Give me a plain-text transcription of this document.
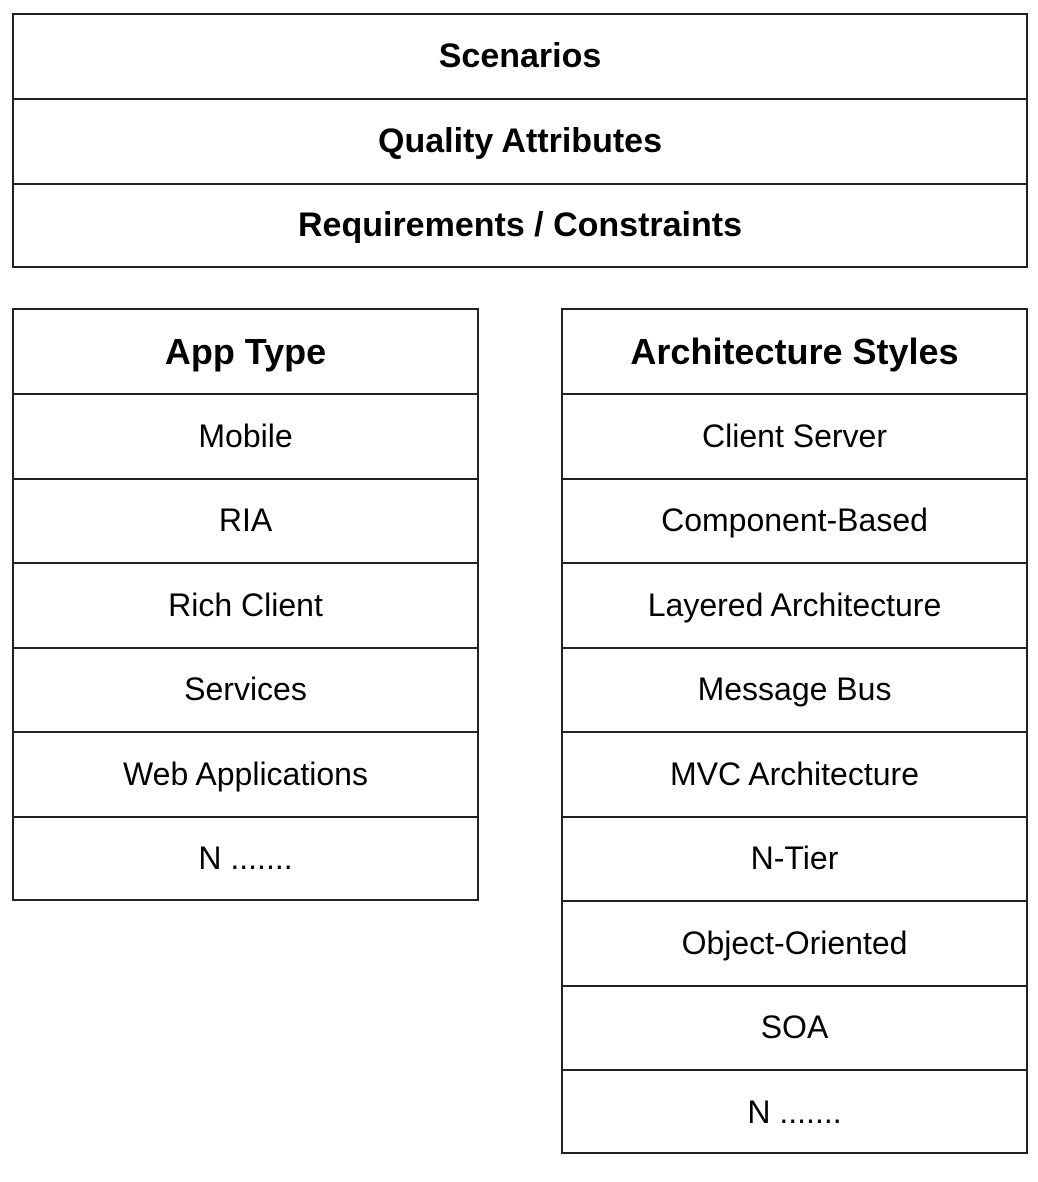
Scenarios
Quality Attributes
Requirements / Constraints
App Type
Mobile
RIA
Rich Client
Services
Web Applications
N .......
Architecture Styles
Client Server
Component-Based
Layered Architecture
Message Bus
MVC Architecture
N-Tier
Object-Oriented
SOA
N .......
